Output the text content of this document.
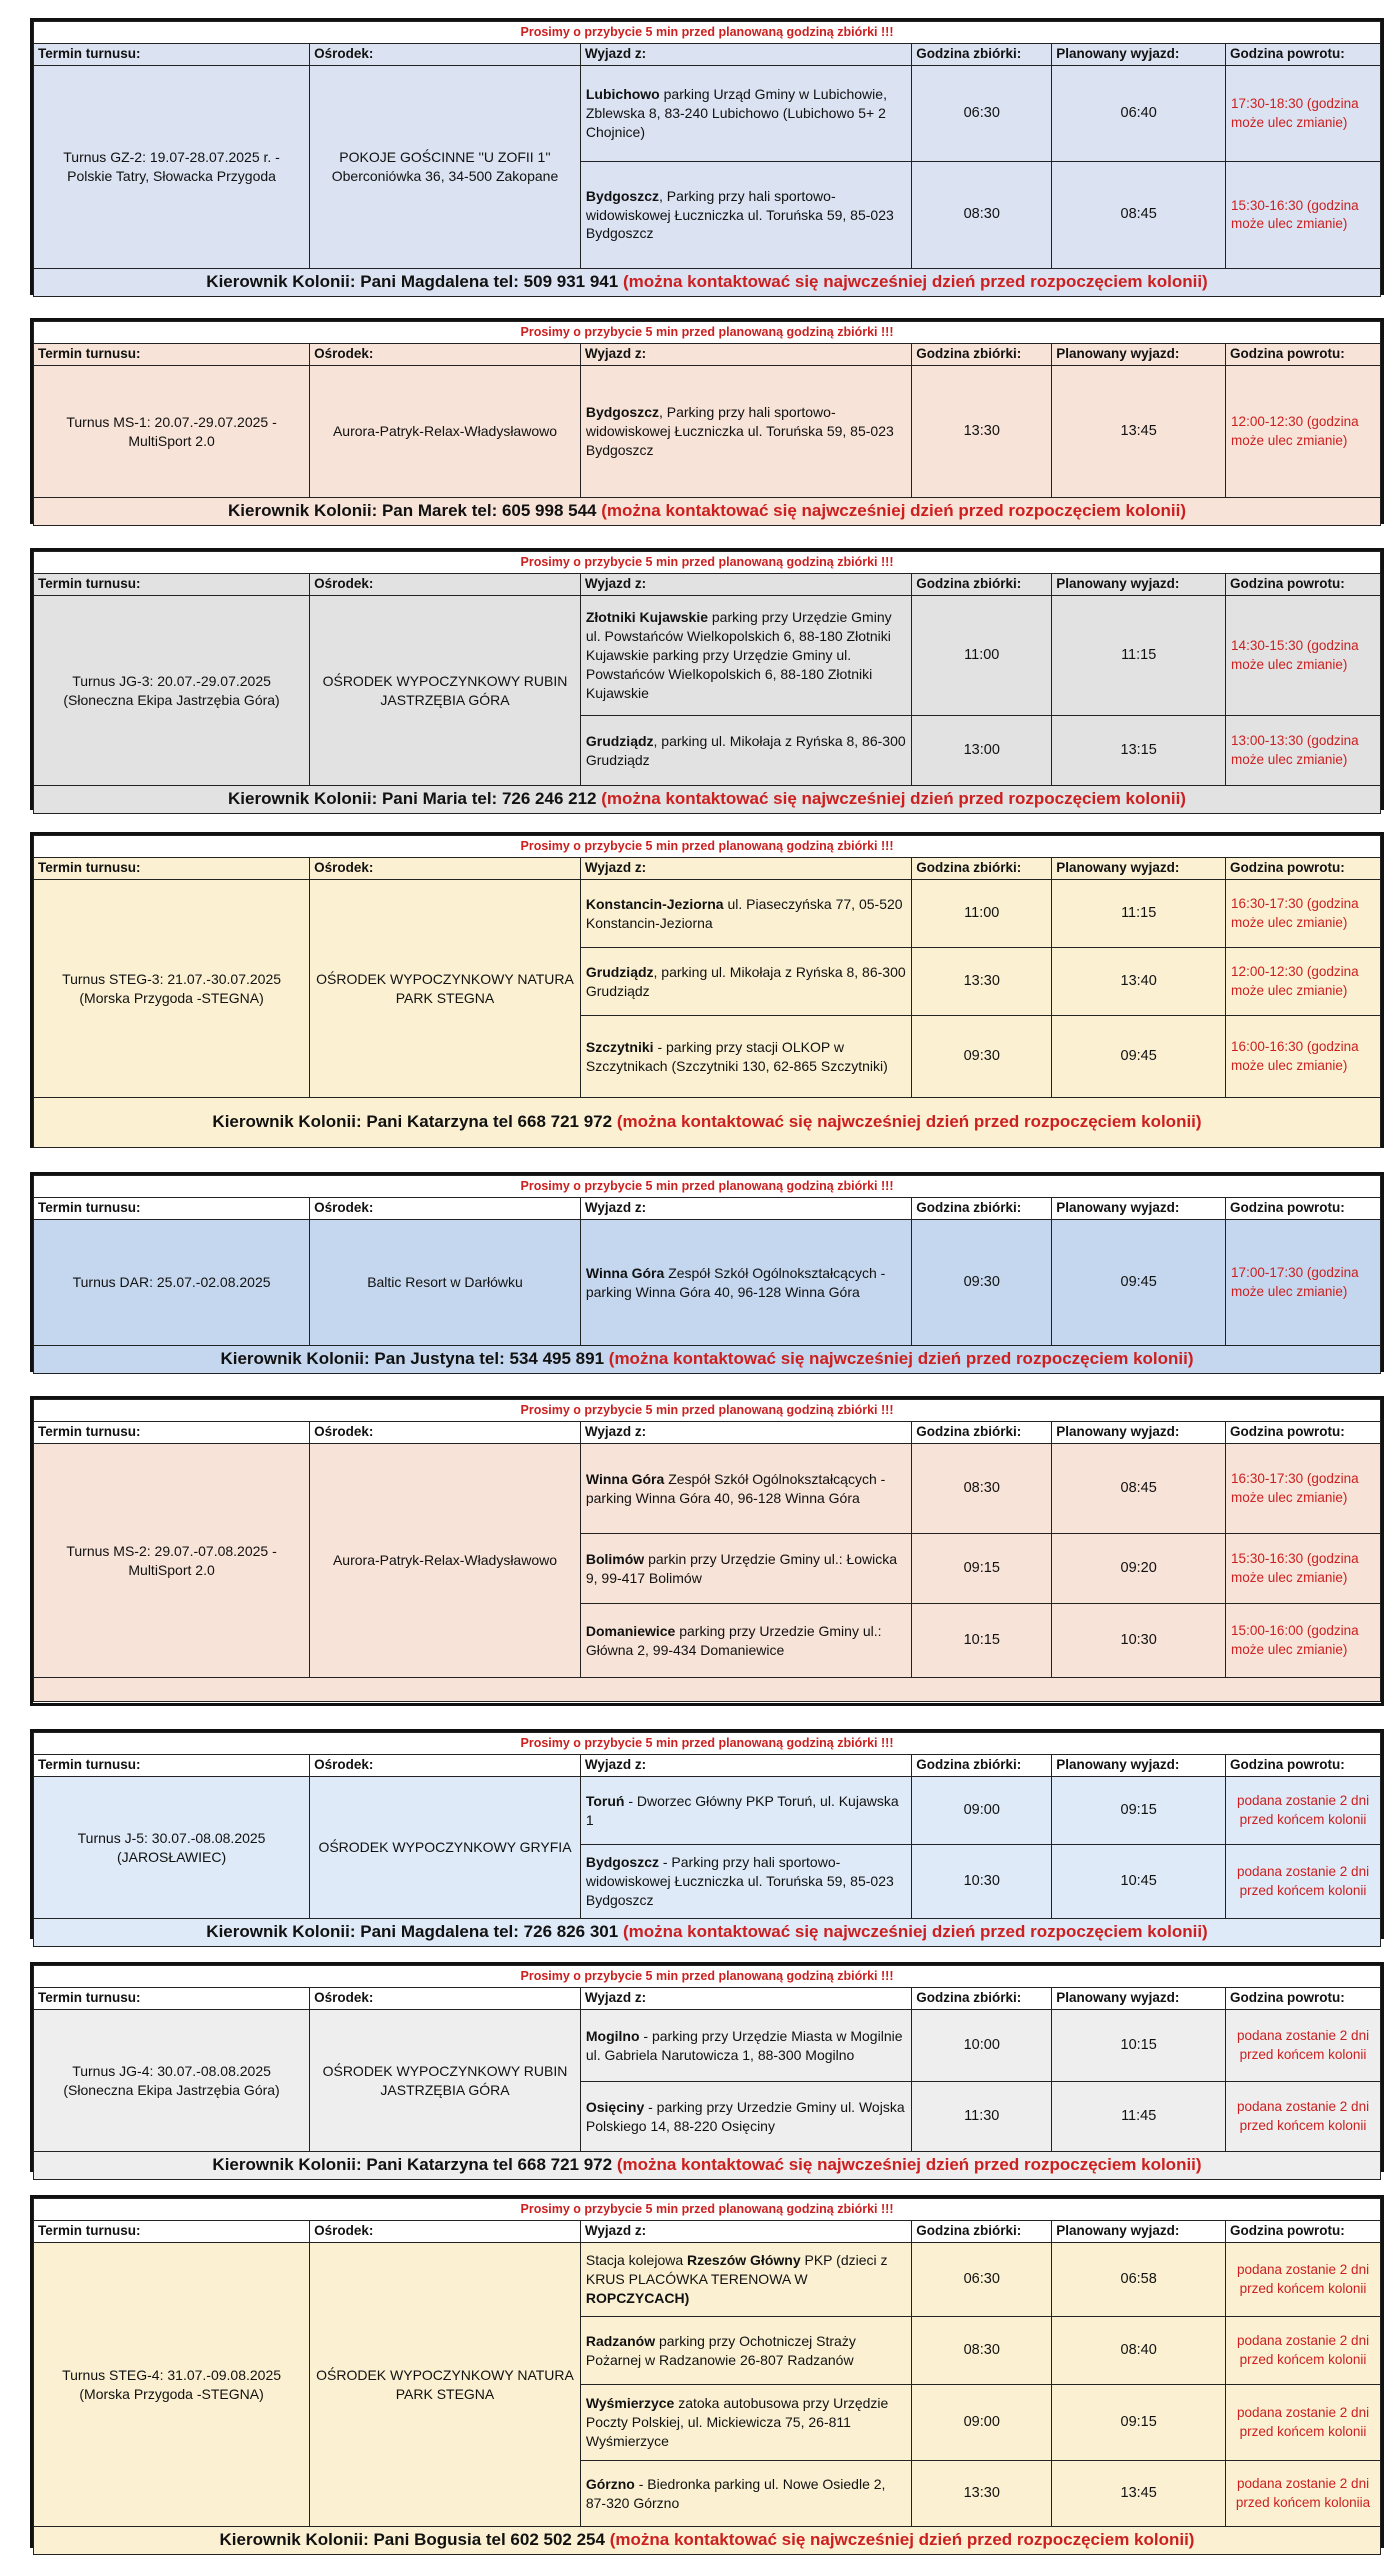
Prosimy o przybycie 5 min przed planowaną godziną zbiórki !!!					
Termin turnusu:	Ośrodek:	Wyjazd z:	Godzina zbiórki:	Planowany wyjazd:	Godzina powrotu:
Turnus GZ-2: 19.07-28.07.2025 r. - Polskie Tatry, Słowacka Przygoda	POKOJE GOŚCINNE ''U ZOFII 1'' Oberconiówka 36, 34-500 Zakopane	Lubichowo parking Urząd Gminy w Lubichowie, Zblewska 8, 83-240 Lubichowo (Lubichowo 5+ 2 Chojnice)	06:30	06:40	17:30-18:30 (godzina może ulec zmianie)
		Bydgoszcz, Parking przy hali sportowo-widowiskowej Łuczniczka ul. Toruńska 59, 85-023 Bydgoszcz	08:30	08:45	15:30-16:30 (godzina może ulec zmianie)
Kierownik Kolonii: Pani Magdalena tel: 509 931 941 (można kontaktować się najwcześniej dzień przed rozpoczęciem kolonii)					
Prosimy o przybycie 5 min przed planowaną godziną zbiórki !!!					
Termin turnusu:	Ośrodek:	Wyjazd z:	Godzina zbiórki:	Planowany wyjazd:	Godzina powrotu:
Turnus MS-1: 20.07.-29.07.2025 - MultiSport 2.0	Aurora-Patryk-Relax-Władysławowo	Bydgoszcz, Parking przy hali sportowo-widowiskowej Łuczniczka ul. Toruńska 59, 85-023 Bydgoszcz	13:30	13:45	12:00-12:30 (godzina może ulec zmianie)
Kierownik Kolonii: Pan Marek tel: 605 998 544 (można kontaktować się najwcześniej dzień przed rozpoczęciem kolonii)					
Prosimy o przybycie 5 min przed planowaną godziną zbiórki !!!					
Termin turnusu:	Ośrodek:	Wyjazd z:	Godzina zbiórki:	Planowany wyjazd:	Godzina powrotu:
Turnus JG-3: 20.07.-29.07.2025 (Słoneczna Ekipa Jastrzębia Góra)	OŚRODEK WYPOCZYNKOWY RUBIN JASTRZĘBIA GÓRA	Złotniki Kujawskie parking przy Urzędzie Gminy ul. Powstańców Wielkopolskich 6, 88-180 Złotniki Kujawskie parking przy Urzędzie Gminy ul. Powstańców Wielkopolskich 6, 88-180 Złotniki Kujawskie	11:00	11:15	14:30-15:30 (godzina może ulec zmianie)
		Grudziądz, parking ul. Mikołaja z Ryńska 8, 86-300 Grudziądz	13:00	13:15	13:00-13:30 (godzina może ulec zmianie)
Kierownik Kolonii: Pani Maria tel: 726 246 212 (można kontaktować się najwcześniej dzień przed rozpoczęciem kolonii)					
Prosimy o przybycie 5 min przed planowaną godziną zbiórki !!!					
Termin turnusu:	Ośrodek:	Wyjazd z:	Godzina zbiórki:	Planowany wyjazd:	Godzina powrotu:
Turnus STEG-3: 21.07.-30.07.2025 (Morska Przygoda -STEGNA)	OŚRODEK WYPOCZYNKOWY NATURA PARK STEGNA	Konstancin-Jeziorna ul. Piaseczyńska 77, 05-520 Konstancin-Jeziorna	11:00	11:15	16:30-17:30 (godzina może ulec zmianie)
		Grudziądz, parking ul. Mikołaja z Ryńska 8, 86-300 Grudziądz	13:30	13:40	12:00-12:30 (godzina może ulec zmianie)
		Szczytniki - parking przy stacji OLKOP w Szczytnikach (Szczytniki 130, 62-865 Szczytniki)	09:30	09:45	16:00-16:30 (godzina może ulec zmianie)
Kierownik Kolonii: Pani Katarzyna tel 668 721 972 (można kontaktować się najwcześniej dzień przed rozpoczęciem kolonii)					
Prosimy o przybycie 5 min przed planowaną godziną zbiórki !!!					
Termin turnusu:	Ośrodek:	Wyjazd z:	Godzina zbiórki:	Planowany wyjazd:	Godzina powrotu:
Turnus DAR: 25.07.-02.08.2025	Baltic Resort w Darłówku	Winna Góra Zespół Szkół Ogólnokształcących - parking Winna Góra 40, 96-128 Winna Góra	09:30	09:45	17:00-17:30 (godzina może ulec zmianie)
Kierownik Kolonii: Pan Justyna tel: 534 495 891 (można kontaktować się najwcześniej dzień przed rozpoczęciem kolonii)					
Prosimy o przybycie 5 min przed planowaną godziną zbiórki !!!					
Termin turnusu:	Ośrodek:	Wyjazd z:	Godzina zbiórki:	Planowany wyjazd:	Godzina powrotu:
Turnus MS-2: 29.07.-07.08.2025 - MultiSport 2.0	Aurora-Patryk-Relax-Władysławowo	Winna Góra Zespół Szkół Ogólnokształcących - parking Winna Góra 40, 96-128 Winna Góra	08:30	08:45	16:30-17:30 (godzina może ulec zmianie)
		Bolimów parkin przy Urzędzie Gminy ul.: Łowicka 9, 99-417 Bolimów	09:15	09:20	15:30-16:30 (godzina może ulec zmianie)
		Domaniewice parking przy Urzedzie Gminy ul.: Główna 2, 99-434 Domaniewice	10:15	10:30	15:00-16:00 (godzina może ulec zmianie)

Prosimy o przybycie 5 min przed planowaną godziną zbiórki !!!					
Termin turnusu:	Ośrodek:	Wyjazd z:	Godzina zbiórki:	Planowany wyjazd:	Godzina powrotu:
Turnus J-5: 30.07.-08.08.2025 (JAROSŁAWIEC)	OŚRODEK WYPOCZYNKOWY GRYFIA	Toruń - Dworzec Główny PKP Toruń, ul. Kujawska 1	09:00	09:15	podana zostanie 2 dni przed końcem kolonii
		Bydgoszcz - Parking przy hali sportowo-widowiskowej Łuczniczka ul. Toruńska 59, 85-023 Bydgoszcz	10:30	10:45	podana zostanie 2 dni przed końcem kolonii
Kierownik Kolonii: Pani Magdalena tel: 726 826 301 (można kontaktować się najwcześniej dzień przed rozpoczęciem kolonii)					
Prosimy o przybycie 5 min przed planowaną godziną zbiórki !!!					
Termin turnusu:	Ośrodek:	Wyjazd z:	Godzina zbiórki:	Planowany wyjazd:	Godzina powrotu:
Turnus JG-4: 30.07.-08.08.2025 (Słoneczna Ekipa Jastrzębia Góra)	OŚRODEK WYPOCZYNKOWY RUBIN JASTRZĘBIA GÓRA	Mogilno - parking przy Urzędzie Miasta w Mogilnie ul. Gabriela Narutowicza 1, 88-300 Mogilno	10:00	10:15	podana zostanie 2 dni przed końcem kolonii
		Osięciny - parking przy Urzedzie Gminy ul. Wojska Polskiego 14, 88-220 Osięciny	11:30	11:45	podana zostanie 2 dni przed końcem kolonii
Kierownik Kolonii: Pani Katarzyna tel 668 721 972 (można kontaktować się najwcześniej dzień przed rozpoczęciem kolonii)					
Prosimy o przybycie 5 min przed planowaną godziną zbiórki !!!					
Termin turnusu:	Ośrodek:	Wyjazd z:	Godzina zbiórki:	Planowany wyjazd:	Godzina powrotu:
Turnus STEG-4: 31.07.-09.08.2025 (Morska Przygoda -STEGNA)	OŚRODEK WYPOCZYNKOWY NATURA PARK STEGNA	Stacja kolejowa Rzeszów Główny PKP (dzieci z KRUS PLACÓWKA TERENOWA W ROPCZYCACH)	06:30	06:58	podana zostanie 2 dni przed końcem kolonii
		Radzanów parking przy Ochotniczej Straży Pożarnej w Radzanowie 26-807 Radzanów	08:30	08:40	podana zostanie 2 dni przed końcem kolonii
		Wyśmierzyce zatoka autobusowa przy Urzędzie Poczty Polskiej, ul. Mickiewicza 75, 26-811 Wyśmierzyce	09:00	09:15	podana zostanie 2 dni przed końcem kolonii
		Górzno - Biedronka parking ul. Nowe Osiedle 2, 87-320 Górzno	13:30	13:45	podana zostanie 2 dni przed końcem koloniia
Kierownik Kolonii: Pani Bogusia tel 602 502 254 (można kontaktować się najwcześniej dzień przed rozpoczęciem kolonii)					
